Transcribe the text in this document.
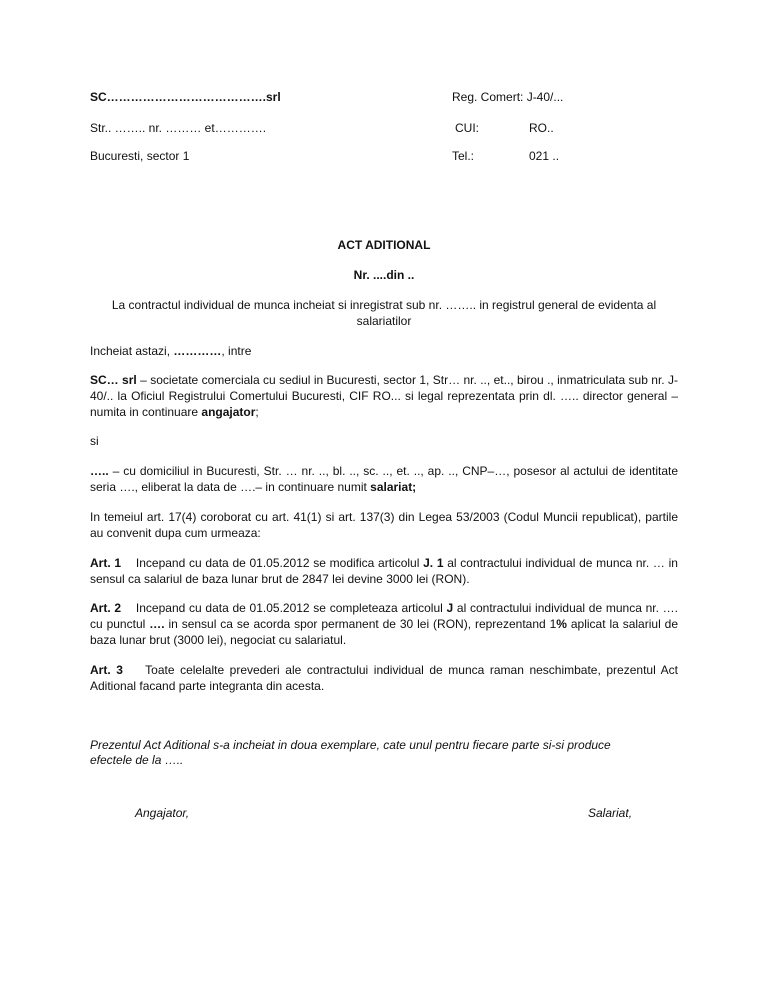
SC………………………………….srl
Str.. …….. nr. ……… et………….
Bucuresti, sector 1
Reg. Comert: J-40/...
CUI:	RO..
Tel.:	021 ..
ACT ADITIONAL
Nr. ....din ..
La contractul individual de munca incheiat si inregistrat sub nr. …….. in registrul general de evidenta al salariatilor
Incheiat astazi, …………, intre
SC… srl – societate comerciala cu sediul in Bucuresti, sector 1, Str… nr. .., et.., birou ., inmatriculata sub nr. J-40/.. la Oficiul Registrului Comertului Bucuresti, CIF RO... si legal reprezentata prin dl. ….. director general – numita in continuare angajator;
si
….. – cu domiciliul in Bucuresti, Str. … nr. .., bl. .., sc. .., et. .., ap. .., CNP–…, posesor al actului de identitate seria …., eliberat la data de ….– in continuare numit salariat;
In temeiul art. 17(4) coroborat cu art. 41(1) si art. 137(3) din Legea 53/2003 (Codul Muncii republicat), partile au convenit dupa cum urmeaza:
Art. 1 Incepand cu data de 01.05.2012 se modifica articolul J. 1 al contractului individual de munca nr. … in sensul ca salariul de baza lunar brut de 2847 lei devine 3000 lei (RON).
Art. 2 Incepand cu data de 01.05.2012 se completeaza articolul J al contractului individual de munca nr. …. cu punctul …. in sensul ca se acorda spor permanent de 30 lei (RON), reprezentand 1% aplicat la salariul de baza lunar brut (3000 lei), negociat cu salariatul.
Art. 3 Toate celelalte prevederi ale contractului individual de munca raman neschimbate, prezentul Act Aditional facand parte integranta din acesta.
Prezentul Act Aditional s-a incheiat in doua exemplare, cate unul pentru fiecare parte si-si produce efectele de la …..
Angajator,	Salariat,
